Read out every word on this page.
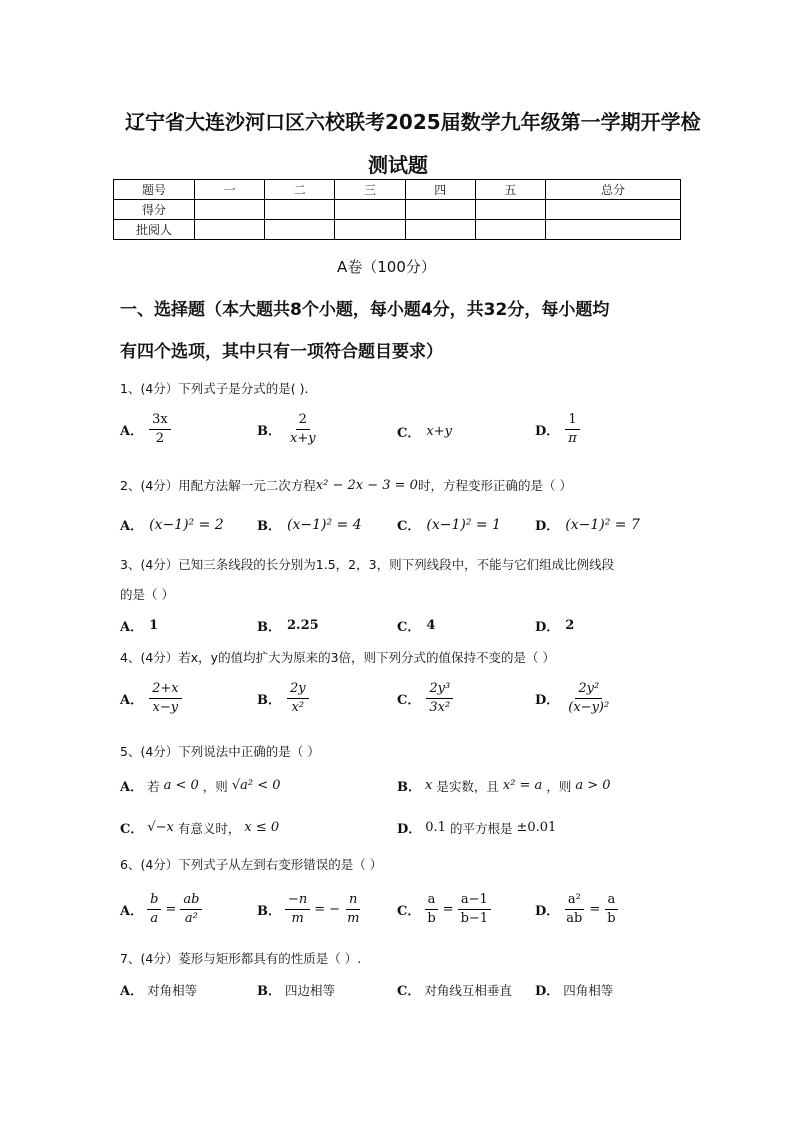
辽宁省大连沙河口区六校联考2025届数学九年级第一学期开学检
测试题
题号	一	二	三	四	五	总分
得分						
批阅人						
A卷（100分）
一、选择题（本大题共8个小题，每小题4分，共32分，每小题均
有四个选项，其中只有一项符合题目要求）
1、(4分）下列式子是分式的是( ).
A． $\frac{3x}{2}$	B． $\frac{2}{x+y}$	C． x+y	D． $\frac{1}{\pi}$
2、(4分）用配方法解一元二次方程 x² − 2x − 3 = 0 时，方程变形正确的是（ ）
A． (x−1)² = 2	B． (x−1)² = 4	C． (x−1)² = 1	D． (x−1)² = 7
3、(4分）已知三条线段的长分别为1.5，2，3，则下列线段中，不能与它们组成比例线段
的是（ ）
A． 1	B． 2.25	C． 4	D． 2
4、(4分）若x，y的值均扩大为原来的3倍，则下列分式的值保持不变的是（ ）
A． $\frac{2+x}{x-y}$	B． $\frac{2y}{\text{x²}}$	C． $\frac{\text{2y³}}{\text{3x²}}$	D． $\frac{\text{2y²}}{\text{(x−y)²}}$
5、(4分）下列说法中正确的是（ ）
A． 若 a < 0 ，则 √a² < 0	B． x 是实数，且 x² = a ，则 a > 0
C． √−x 有意义时， x ≤ 0	D． 0.1 的平方根是 ±0.01
6、(4分）下列式子从左到右变形错误的是（ ）
A． $\frac{b}{a} = \frac{ab}{\text{a²}}$	B． $\frac{-n}{m}$ = − $\frac{n}{m}$	C． $\frac{a}{b} = \frac{a-1}{b-1}$	D． $\frac{\text{a²}}{ab} = \frac{a}{b}$
7、(4分）菱形与矩形都具有的性质是（ ）.
A． 对角相等	B． 四边相等	C． 对角线互相垂直 D． 四角相等
